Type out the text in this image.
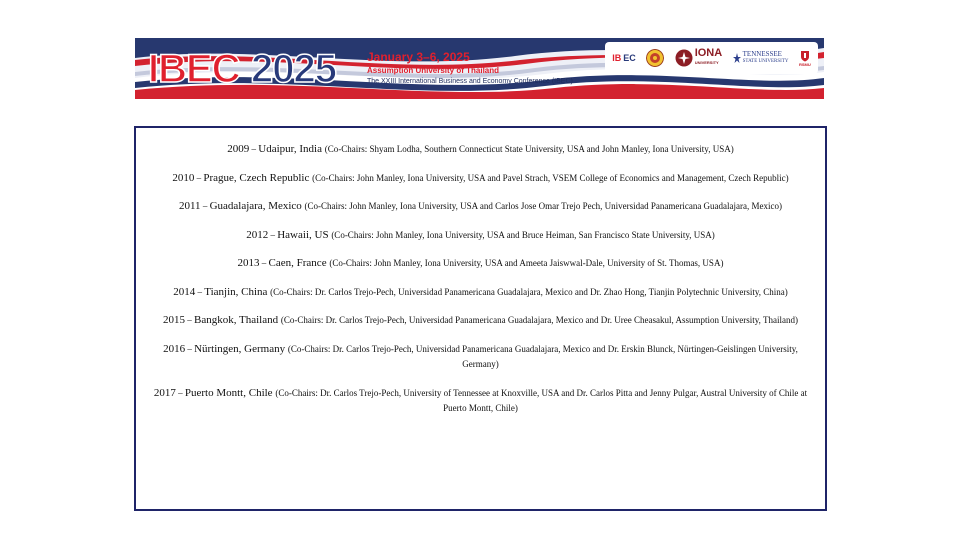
IBEC 2025	January 3–6, 2025
Assumption University of Thailand
The XXIII International Business and Economy Conference (IBEC)
IB EC	IONA
UNIVERSITY
TENNESSEE
STATE UNIVERSITY	RSMU

2009 – Udaipur, India (Co-Chairs: Shyam Lodha, Southern Connecticut State University, USA and John Manley, Iona University, USA)

2010 – Prague, Czech Republic (Co-Chairs: John Manley, Iona University, USA and Pavel Strach, VSEM College of Economics and Management, Czech Republic)

2011 – Guadalajara, Mexico (Co-Chairs: John Manley, Iona University, USA and Carlos Jose Omar Trejo Pech, Universidad Panamericana Guadalajara, Mexico)

2012 – Hawaii, US (Co-Chairs: John Manley, Iona University, USA and Bruce Heiman, San Francisco State University, USA)

2013 – Caen, France (Co-Chairs: John Manley, Iona University, USA and Ameeta Jaiswwal-Dale, University of St. Thomas, USA)

2014 – Tianjin, China (Co-Chairs: Dr. Carlos Trejo-Pech, Universidad Panamericana Guadalajara, Mexico and Dr. Zhao Hong, Tianjin Polytechnic University, China)

2015 – Bangkok, Thailand (Co-Chairs: Dr. Carlos Trejo-Pech, Universidad Panamericana Guadalajara, Mexico and Dr. Uree Cheasakul, Assumption University, Thailand)

2016 – Nürtingen, Germany (Co-Chairs: Dr. Carlos Trejo-Pech, Universidad Panamericana Guadalajara, Mexico and Dr. Erskin Blunck, Nürtingen-Geislingen University, Germany)

2017 – Puerto Montt, Chile (Co-Chairs: Dr. Carlos Trejo-Pech, University of Tennessee at Knoxville, USA and Dr. Carlos Pitta and Jenny Pulgar, Austral University of Chile at Puerto Montt, Chile)
